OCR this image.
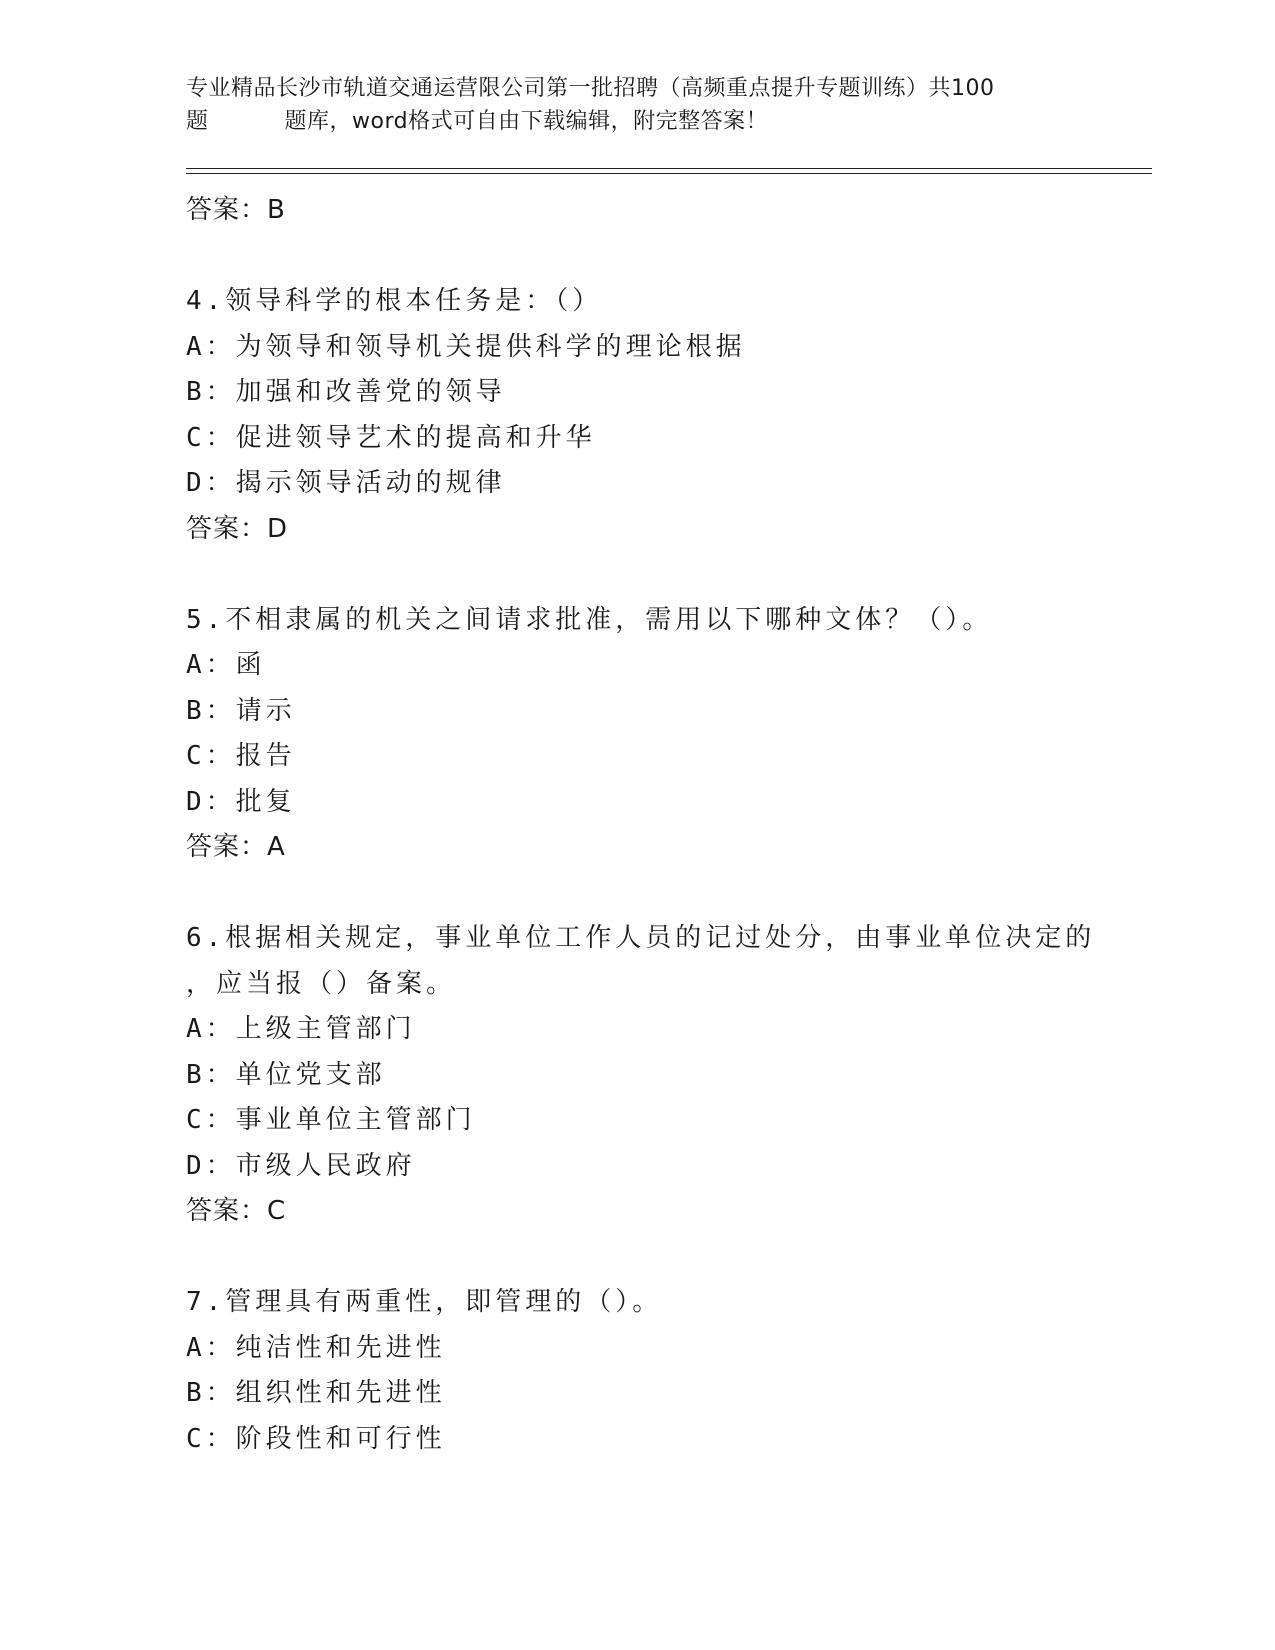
专业精品长沙市轨道交通运营限公司第一批招聘（高频重点提升专题训练）共100
题	题库，word格式可自由下载编辑，附完整答案！
答案：B
4.领导科学的根本任务是：（）
A：为领导和领导机关提供科学的理论根据
B：加强和改善党的领导
C：促进领导艺术的提高和升华
D：揭示领导活动的规律
答案：D
5.不相隶属的机关之间请求批准，需用以下哪种文体？（）。
A：函
B：请示
C：报告
D：批复
答案：A
6.根据相关规定，事业单位工作人员的记过处分，由事业单位决定的
，应当报（）备案。
A：上级主管部门
B：单位党支部
C：事业单位主管部门
D：市级人民政府
答案：C
7.管理具有两重性，即管理的（）。
A：纯洁性和先进性
B：组织性和先进性
C：阶段性和可行性
